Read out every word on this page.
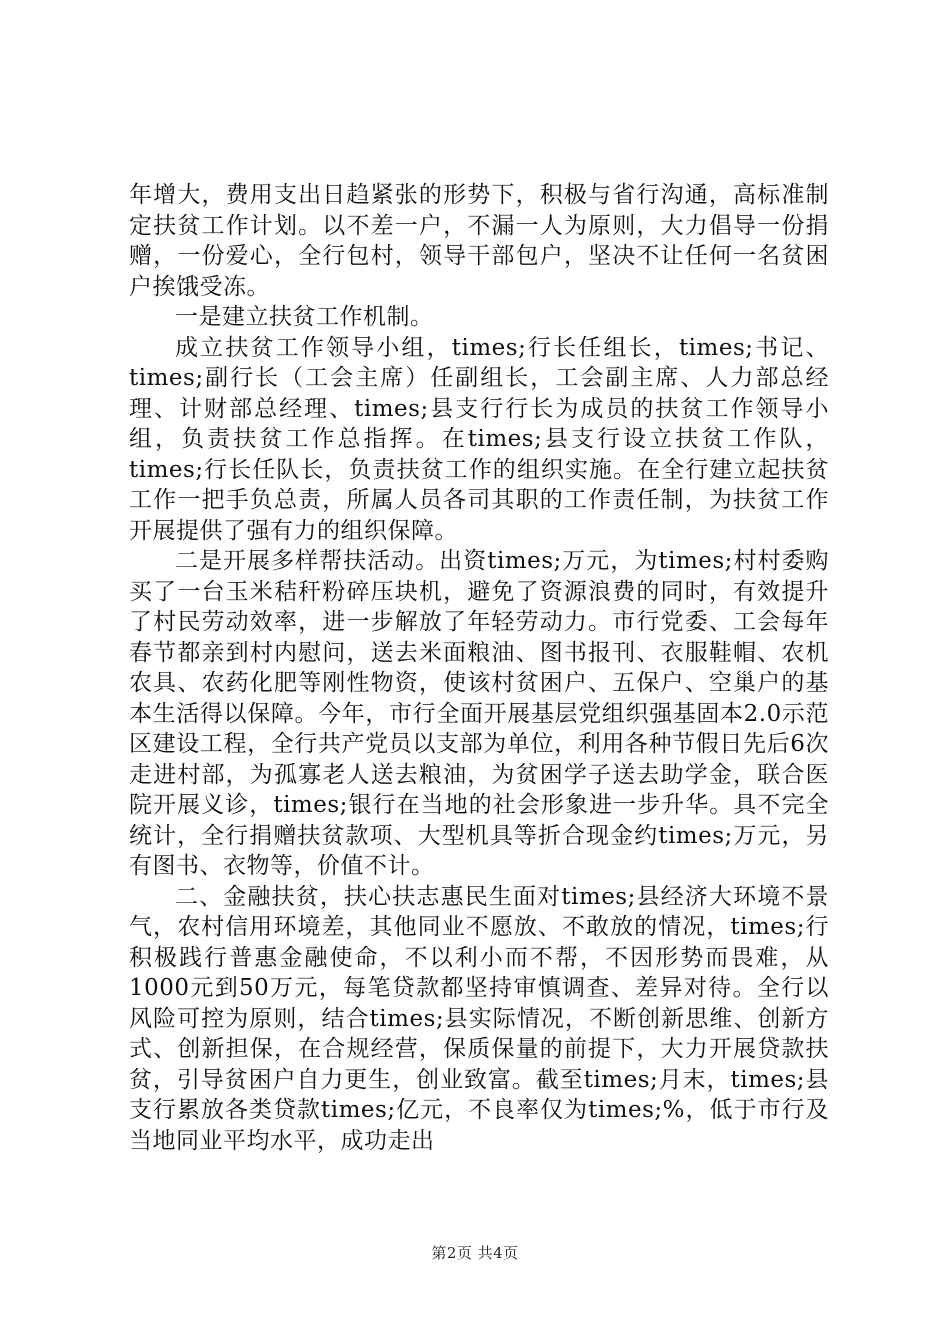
年增大，费用支出日趋紧张的形势下，积极与省行沟通，高标准制定扶贫工作计划。以不差一户，不漏一人为原则，大力倡导一份捐赠，一份爱心，全行包村，领导干部包户，坚决不让任何一名贫困户挨饿受冻。

一是建立扶贫工作机制。

成立扶贫工作领导小组，times;行长任组长，times;书记、times;副行长（工会主席）任副组长，工会副主席、人力部总经理、计财部总经理、times;县支行行长为成员的扶贫工作领导小组，负责扶贫工作总指挥。在times;县支行设立扶贫工作队，times;行长任队长，负责扶贫工作的组织实施。在全行建立起扶贫工作一把手负总责，所属人员各司其职的工作责任制，为扶贫工作开展提供了强有力的组织保障。

二是开展多样帮扶活动。出资times;万元，为times;村村委购买了一台玉米秸秆粉碎压块机，避免了资源浪费的同时，有效提升了村民劳动效率，进一步解放了年轻劳动力。市行党委、工会每年春节都亲到村内慰问，送去米面粮油、图书报刊、衣服鞋帽、农机农具、农药化肥等刚性物资，使该村贫困户、五保户、空巢户的基本生活得以保障。今年，市行全面开展基层党组织强基固本2.0示范区建设工程，全行共产党员以支部为单位，利用各种节假日先后6次走进村部，为孤寡老人送去粮油，为贫困学子送去助学金，联合医院开展义诊，times;银行在当地的社会形象进一步升华。具不完全统计，全行捐赠扶贫款项、大型机具等折合现金约times;万元，另有图书、衣物等，价值不计。

二、金融扶贫，扶心扶志惠民生面对times;县经济大环境不景气，农村信用环境差，其他同业不愿放、不敢放的情况，times;行积极践行普惠金融使命，不以利小而不帮，不因形势而畏难，从1000元到50万元，每笔贷款都坚持审慎调查、差异对待。全行以风险可控为原则，结合times;县实际情况，不断创新思维、创新方式、创新担保，在合规经营，保质保量的前提下，大力开展贷款扶贫，引导贫困户自力更生，创业致富。截至times;月末，times;县支行累放各类贷款times;亿元，不良率仅为times;%，低于市行及当地同业平均水平，成功走出

第2页 共4页
